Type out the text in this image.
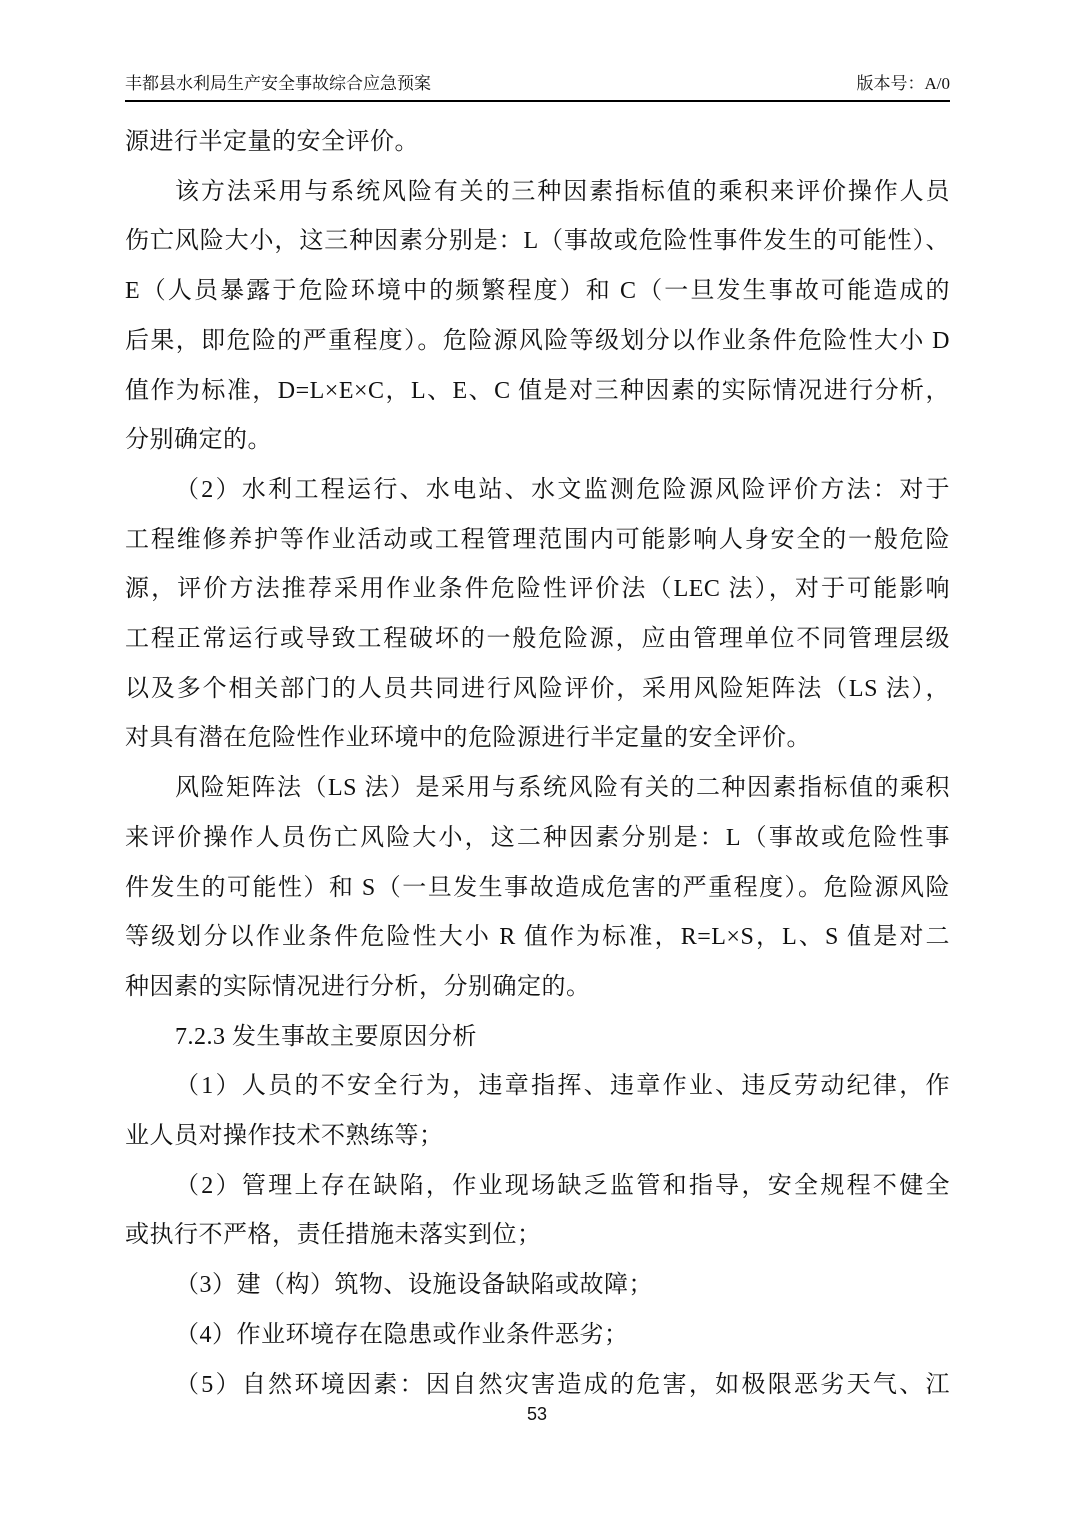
丰都县水利局生产安全事故综合应急预案	版本号：A/0
源进行半定量的安全评价。
该方法采用与系统风险有关的三种因素指标值的乘积来评价操作人员
伤亡风险大小，这三种因素分别是：L（事故或危险性事件发生的可能性）、
E（人员暴露于危险环境中的频繁程度）和 C（一旦发生事故可能造成的
后果，即危险的严重程度）。危险源风险等级划分以作业条件危险性大小 D
值作为标准，D=L×E×C，L、E、C 值是对三种因素的实际情况进行分析，
分别确定的。
（2）水利工程运行、水电站、水文监测危险源风险评价方法：对于
工程维修养护等作业活动或工程管理范围内可能影响人身安全的一般危险
源，评价方法推荐采用作业条件危险性评价法（LEC 法），对于可能影响
工程正常运行或导致工程破坏的一般危险源，应由管理单位不同管理层级
以及多个相关部门的人员共同进行风险评价，采用风险矩阵法（LS 法），
对具有潜在危险性作业环境中的危险源进行半定量的安全评价。
风险矩阵法（LS 法）是采用与系统风险有关的二种因素指标值的乘积
来评价操作人员伤亡风险大小，这二种因素分别是：L（事故或危险性事
件发生的可能性）和 S（一旦发生事故造成危害的严重程度）。危险源风险
等级划分以作业条件危险性大小 R 值作为标准，R=L×S，L、S 值是对二
种因素的实际情况进行分析，分别确定的。
7.2.3 发生事故主要原因分析
（1）人员的不安全行为，违章指挥、违章作业、违反劳动纪律，作
业人员对操作技术不熟练等；
（2）管理上存在缺陷，作业现场缺乏监管和指导，安全规程不健全
或执行不严格，责任措施未落实到位；
（3）建（构）筑物、设施设备缺陷或故障；
（4）作业环境存在隐患或作业条件恶劣；
（5）自然环境因素：因自然灾害造成的危害，如极限恶劣天气、江
53
